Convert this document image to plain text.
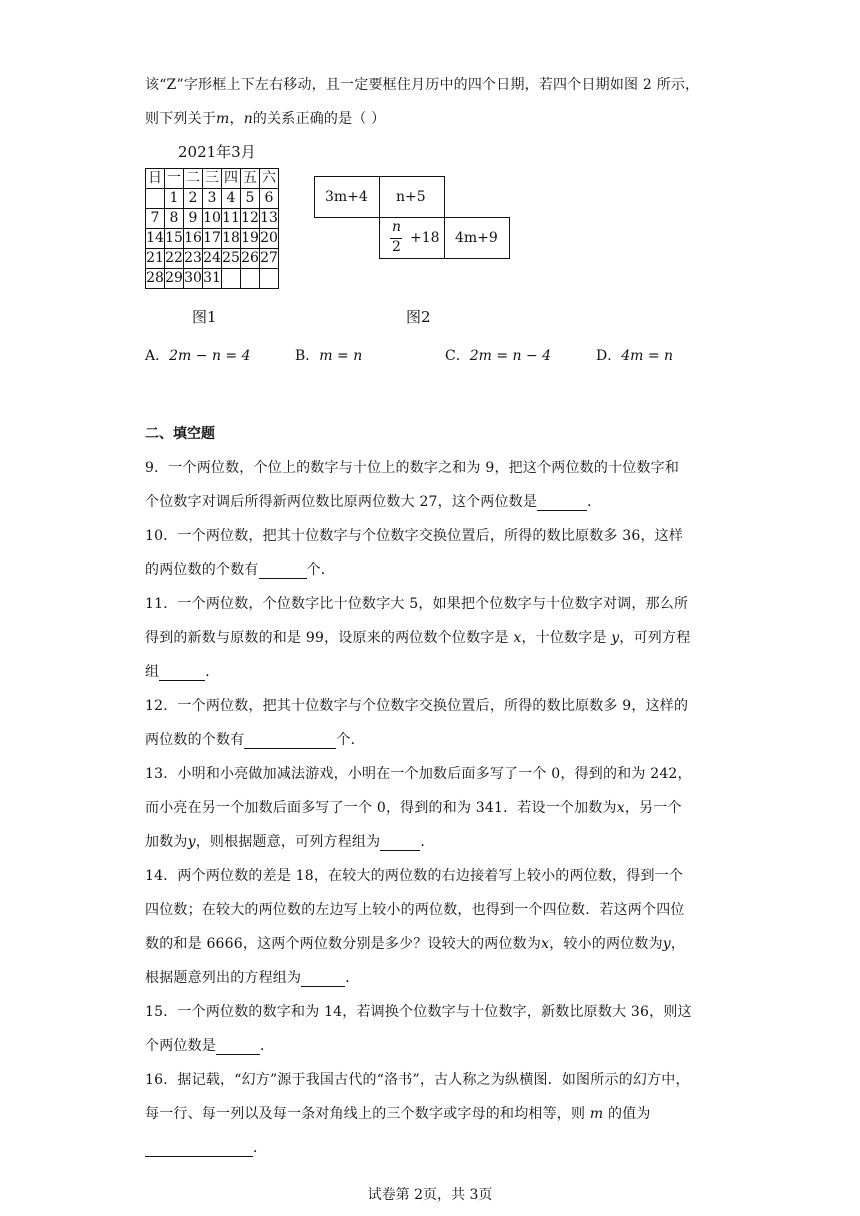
该“Z”字形框上下左右移动，且一定要框住月历中的四个日期，若四个日期如图 2 所示，
则下列关于m，n的关系正确的是（ ）
2021年3月
日	一	二	三	四	五	六
	1	2	3	4	5	6
7	8	9	10	11	12	13
14	15	16	17	18	19	20
21	22	23	24	25	26	27
28	29	30	31			
图1
3m+4	n+5
n
2
+18	4m+9
图2
A．2m − n = 4	B．m = n	C．2m = n − 4	D．4m = n
二、填空题
9．一个两位数，个位上的数字与十位上的数字之和为 9，把这个两位数的十位数字和
个位数字对调后所得新两位数比原两位数大 27，这个两位数是	．
10．一个两位数，把其十位数字与个位数字交换位置后，所得的数比原数多 36，这样
的两位数的个数有	个．
11．一个两位数，个位数字比十位数字大 5，如果把个位数字与十位数字对调，那么所
得到的新数与原数的和是 99，设原来的两位数个位数字是 x，十位数字是 y，可列方程
组	．
12．一个两位数，把其十位数字与个位数字交换位置后，所得的数比原数多 9，这样的
两位数的个数有	个．
13．小明和小亮做加减法游戏，小明在一个加数后面多写了一个 0，得到的和为 242，
而小亮在另一个加数后面多写了一个 0，得到的和为 341．若设一个加数为x，另一个
加数为y，则根据题意，可列方程组为	．
14．两个两位数的差是 18，在较大的两位数的右边接着写上较小的两位数，得到一个
四位数；在较大的两位数的左边写上较小的两位数，也得到一个四位数．若这两个四位
数的和是 6666，这两个两位数分别是多少？设较大的两位数为x，较小的两位数为y，
根据题意列出的方程组为	．
15．一个两位数的数字和为 14，若调换个位数字与十位数字，新数比原数大 36，则这
个两位数是	．
16．据记载，“幻方”源于我国古代的“洛书”，古人称之为纵横图．如图所示的幻方中，
每一行、每一列以及每一条对角线上的三个数字或字母的和均相等，则 m 的值为
．
试卷第 2页，共 3页
